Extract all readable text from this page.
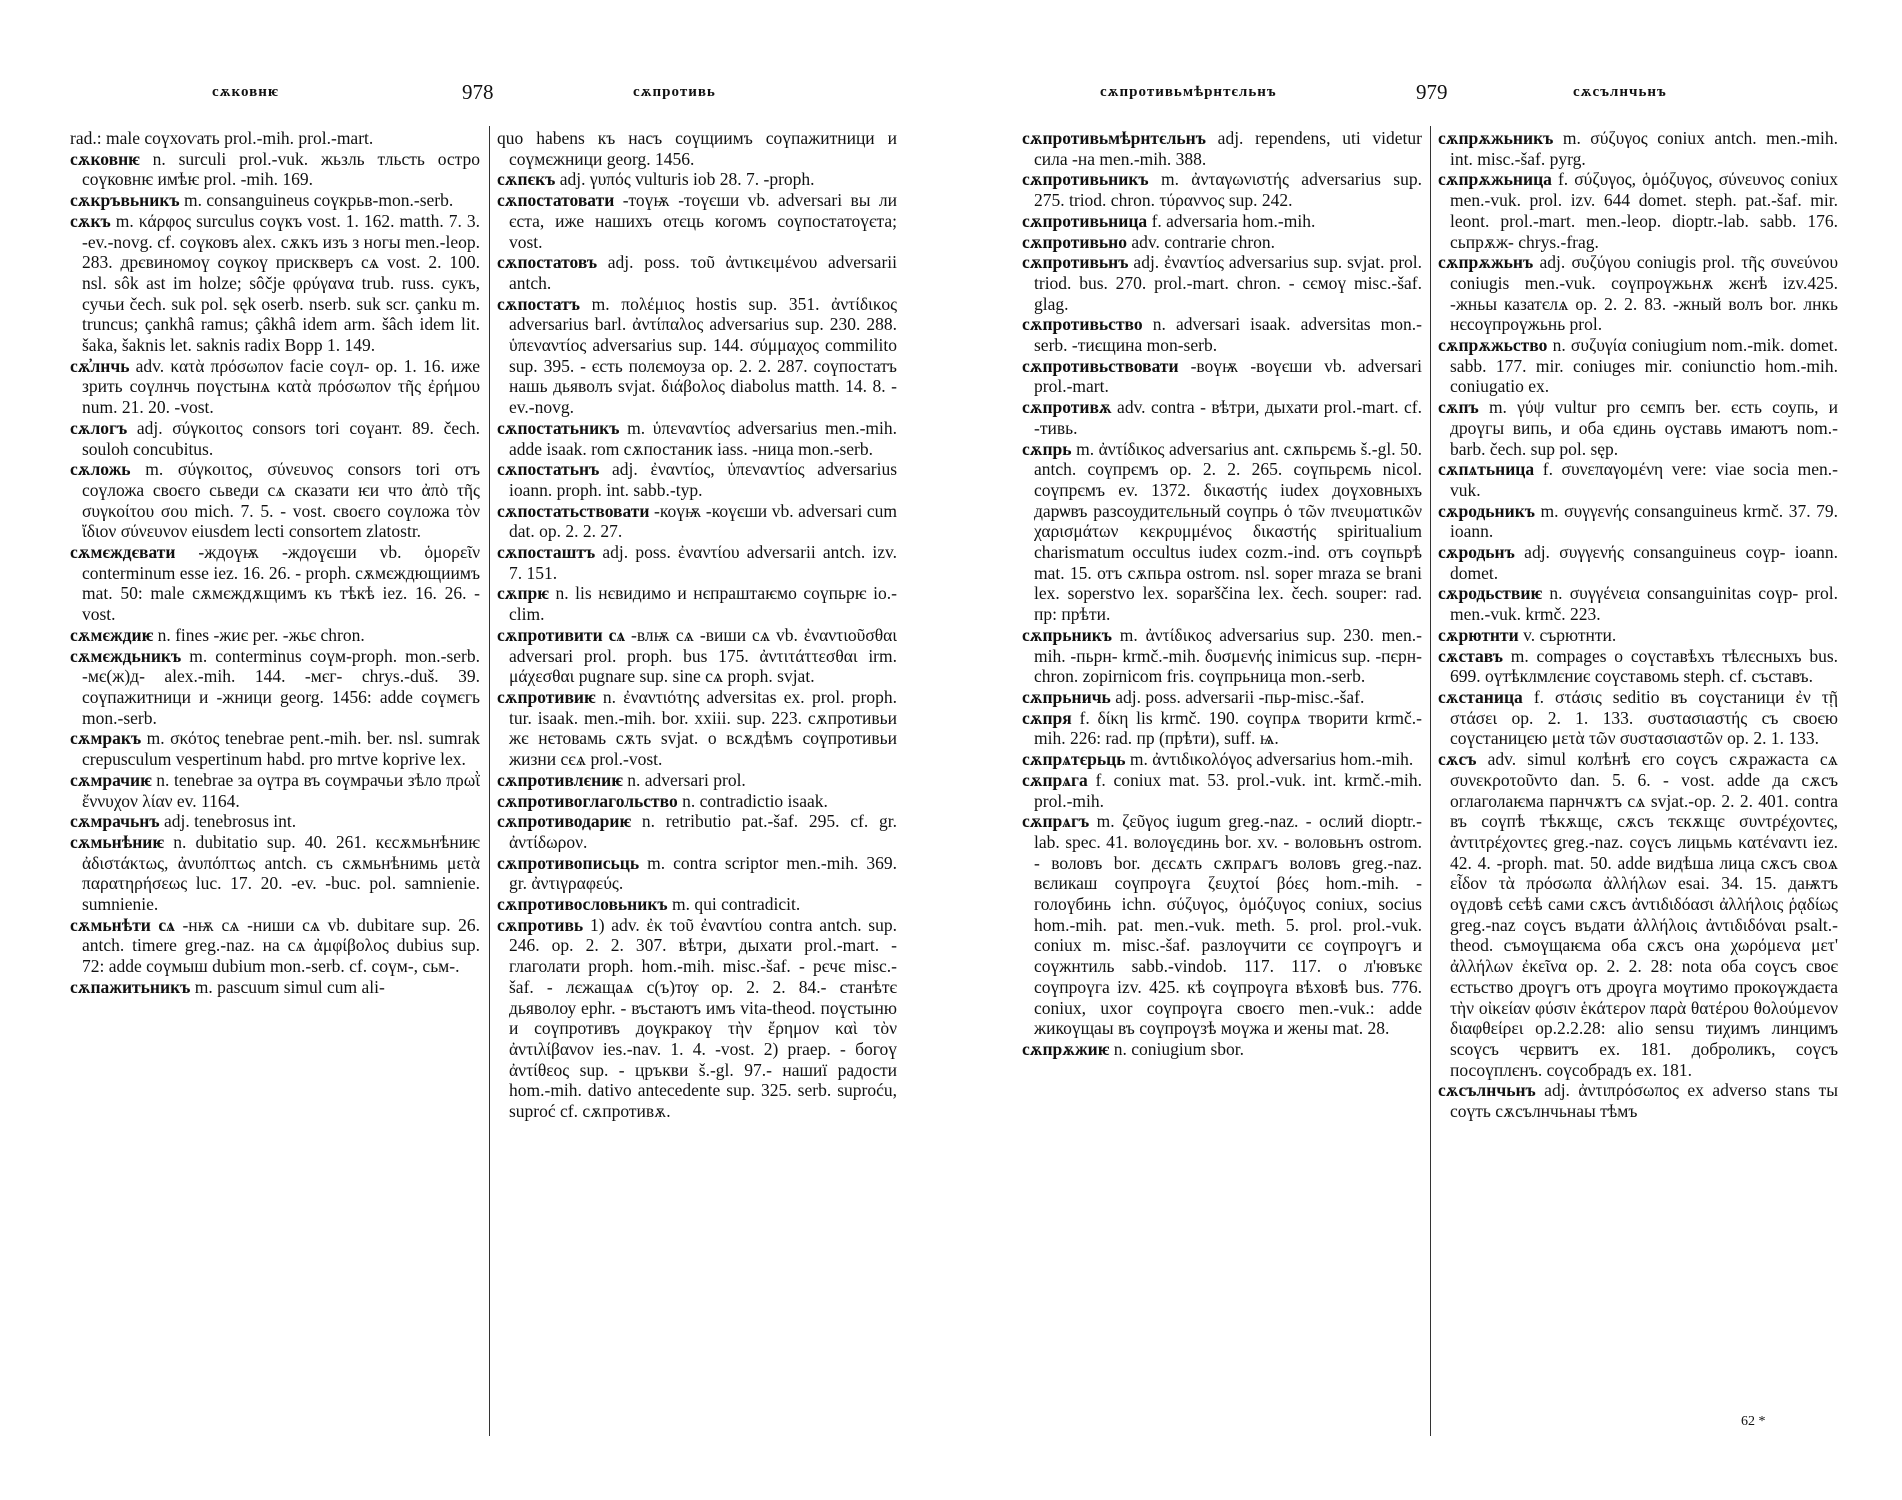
сѫковнѥ	978	сѫпротивь

rad.: male соүхоѵать prol.-mih. prol.-mart.

сѫковнѥ n. surculi prol.-vuk. жьзль тльсть остро соүковнѥ имѣѥ prol. -mih. 169.

сѫкръвьникъ m. consanguineus соүкрьв-mon.-serb.

сѫкъ m. κάρφος surculus соүкъ vost. 1. 162. matth. 7. 3. -ev.-novg. cf. соүковъ alex. сѫкъ изъ з ногы men.-leop. 283. дрєвиномоү соүкоү прискверъ сѧ vost. 2. 100. nsl. sôk ast im holze; sôčje φρύγανα trub. russ. сукъ, сучьи čech. suk pol. sęk oserb. nserb. suk scr. çanku m. truncus; çankhâ ramus; çâkhâ idem arm. šâch idem lit. šaka, šaknis let. saknis radix Bopp 1. 149.

сѫ҆лнчь adv. κατὰ πρόσωπον facie соүл- op. 1. 16. иже зрить соүлнчь поүстынѧ κατὰ πρόσωπον τῆς ἐρήμου num. 21. 20. -vost.

сѫлогъ adj. σύγκοιτος consors tori соүант. 89. čech. souloh concubitus.

сѫложь m. σύγκοιτος, σύνευνος consors tori отъ соүложа своєго сьведи сѧ сказати ѥи что ἀπὸ τῆς συγκοίτου σου mich. 7. 5. - vost. своєго соүложа τὸν ἴδιον σύνευνον eiusdem lecti consortem zlatostr.

сѫмєждєвати -ждоүѭ -ждоүєши vb. ὁμορεῖν conterminum esse iez. 16. 26. - proph. сѫмєждющиимъ mat. 50: male сѫмєждѫщимъ къ тѣкѣ iez. 16. 26. - vost.

сѫмєждиѥ n. fines -жиє per. -жьє chron.

сѫмєждьникъ m. conterminus соүм-proph. mon.-serb. -мє(ж)д- alex.-mih. 144. -мєг- chrys.-duš. 39. соүпажитници и -жници georg. 1456: adde соүмєгь mon.-serb.

сѫмракъ m. σκότος tenebrae pent.-mih. ber. nsl. sumrak crepusculum vespertinum habd. pro mrtve koprive lex.

сѫмрачиѥ n. tenebrae за оүтра въ соүмрачьи зѣло πρωῒ ἔννυχον λίαν ev. 1164.

сѫмрачьнъ adj. tenebrosus int.

сѫмьнѣниѥ n. dubitatio sup. 40. 261. кєсѫмьнѣниѥ ἀδιστάκτως, ἀνυπόπτως antch. съ сѫмьнѣнимь μετὰ παρατηρήσεως luc. 17. 20. -ev. -buc. pol. samnienie. sumnienie.

сѫмьнѣти сѧ -нѭ сѧ -ниши сѧ vb. dubitare sup. 26. antch. timere greg.-naz. на сѧ ἀμφίβολος dubius sup. 72: adde соүмыш dubium mon.-serb. cf. соүм-, сьм-.

сѫпажитьникъ m. pascuum simul cum ali-

quo habens къ насъ соүщиимъ соүпажитници и соүмєжници georg. 1456.

сѫпєкъ adj. γυπός vulturis iob 28. 7. -proph.

сѫпостатовати -тоүѭ -тоүєши vb. adversari вы ли єста, иже нашихъ отєць когомъ соүпостатоүєта; vost.

сѫпостатовъ adj. poss. τοῦ ἀντικειμένου adversarii antch.

сѫпостатъ m. πολέμιος hostis sup. 351. ἀντίδικος adversarius barl. ἀντίπαλος adversarius sup. 230. 288. ὑπεναντίος adversarius sup. 144. σύμμαχος commilito sup. 395. - єсть полємоуза op. 2. 2. 287. соүпостатъ нашь дьяволъ svjat. διάβολος diabolus matth. 14. 8. - ev.-novg.

сѫпостатьникъ m. ὑπεναντίος adversarius men.-mih. adde isaak. rom сѫпостаник iass. -ница mon.-serb.

сѫпостатьнъ adj. ἐναντίος, ὑπεναντίος adversarius ioann. proph. int. sabb.-typ.

сѫпостатьствовати -коүѭ -коүєши vb. adversari cum dat. op. 2. 2. 27.

сѫпосташтъ adj. poss. ἐναντίου adversarii antch. izv. 7. 151.

сѫпрѥ n. lis нєвидимо и нєпраштаѥмо соүпьрѥ io.-clim.

сѫпротивити сѧ -влѭ сѧ -виши сѧ vb. ἐναντιοῦσθαι adversari prol. proph. bus 175. ἀντιτάττεσθαι irm. μάχεσθαι pugnare sup. sine сѧ proph. svjat.

сѫпротивиѥ n. ἐναντιότης adversitas ex. prol. proph. tur. isaak. men.-mih. bor. xxiii. sup. 223. сѫпротивьи жє нєтовамь сѫть svjat. о всѫдѣмъ соүпротивьи жизни сєѧ prol.-vost.

сѫпротивлєниѥ n. adversari prol.

сѫпротивоглагольство n. contradictio isaak.

сѫпротиводариѥ n. retributio pat.-šaf. 295. cf. gr. ἀντίδωρον.

сѫпротивописьць m. contra scriptor men.-mih. 369. gr. ἀντιγραφεύς.

сѫпротивословьникъ m. qui contradicit.

сѫпротивь 1) adv. ἐκ τοῦ ἐναντίου contra antch. sup. 246. op. 2. 2. 307. вѣтри, дыхати prol.-mart. - глаголати proph. hom.-mih. misc.-šaf. - рєчє misc.-šaf. - лєжащаѧ с(ъ)тѹ op. 2. 2. 84.- станѣтє дьяволоу ephr. - въстаютъ имъ vita-theod. поүстыню и соүпротивъ доүкракоү τὴν ἔρημον καὶ τὸν ἀντιλίβανον ies.-nav. 1. 4. -vost. 2) praep. - богоү ἀντίθεος sup. - цръкви š.-gl. 97.- нашиї радости hom.-mih. dativo antecedente sup. 325. serb. suproću, suproć cf. сѫпротивѫ.

сѫпротивьмѣрнтєльнъ	979	сѫсълнчьнъ

сѫпротивьмѣрнтєльнъ adj. rependens, uti videtur сила -на men.-mih. 388.

сѫпротивьникъ m. ἀνταγωνιστής adversarius sup. 275. triod. chron. τύραννος sup. 242.

сѫпротивьница f. adversaria hom.-mih.

сѫпротивьно adv. contrarie chron.

сѫпротивьнъ adj. ἐναντίος adversarius sup. svjat. prol. triod. bus. 270. prol.-mart. chron. - сємоү misc.-šaf. glag.

сѫпротивьство n. adversari isaak. adversitas mon.-serb. -тиєщина mon-serb.

сѫпротивьствовати -воүѭ -воүєши vb. adversari prol.-mart.

сѫпротивѫ adv. contra - вѣтри, дыхати prol.-mart. cf. -тивь.

сѫпрь m. ἀντίδικος adversarius ant. сѫпьрємь š.-gl. 50. antch. соүпрємъ op. 2. 2. 265. соүпьрємь nicol. соүпрємъ ev. 1372. δικαστής iudex доүховныхъ дарѡвъ разсоудитєльный соүпрь ὁ τῶν πνευματικῶν χαρισμάτων κεκρυμμένος δικαστής spiritualium charismatum occultus iudex cozm.-ind. отъ соүпьрѣ mat. 15. отъ сѫпьра ostrom. nsl. soper mraza se brani lex. soperstvo lex. soparščina lex. čech. souper: rad. пр: прѣти.

сѫпрьникъ m. ἀντίδικος adversarius sup. 230. men.-mih. -пьрн- krmč.-mih. δυσμενής inimicus sup. -пєрн- chron. zopirnicom fris. соүпрьница mon.-serb.

сѫпрьничь adj. poss. adversarii -пьр-misc.-šaf.

сѫпря f. δίκη lis krmč. 190. соүпрѧ творити krmč.-mih. 226: rad. пр (прѣти), suff. ѩ.

сѫпрѧтєрьць m. ἀντιδικολόγος adversarius hom.-mih.

сѫпрѧга f. coniux mat. 53. prol.-vuk. int. krmč.-mih. prol.-mih.

сѫпрѧгъ m. ζεῦγος iugum greg.-naz. - ослий dioptr.-lab. spec. 41. волоүєдинь bor. xv. - воловьнъ ostrom. - воловъ bor. дєсѧть сѫпрѧгъ воловъ greg.-naz. вєликаш соүпроүга ζευχτοί βόες hom.-mih. - голоүбинь ichn. σύζυγος, ὁμόζυγος coniux, socius hom.-mih. pat. men.-vuk. meth. 5. prol. prol.-vuk. coniux m. misc.-šaf. разлоүчити сє соүпроүгъ и соүжнтиль sabb.-vindob. 117. 117. о л'ювъкє соүпроүга izv. 425. кѣ соүпроүга вѣховѣ bus. 776. coniux, uxor соүпроүга своєго men.-vuk.: adde жикоүщаы въ соүпроүзѣ моүжа и жены mat. 28.

сѫпрѫжиѥ n. coniugium sbor.

сѫпрѫжьникъ m. σύζυγος coniux antch. men.-mih. int. misc.-šaf. pyrg.

сѫпрѫжьница f. σύζυγος, ὁμόζυγος, σύνευνος coniux men.-vuk. prol. izv. 644 domet. steph. pat.-šaf. mir. leont. prol.-mart. men.-leop. dioptr.-lab. sabb. 176. сьпрѫж- chrys.-frag.

сѫпрѫжьнъ adj. συζύγου coniugis prol. τῆς συνεύνου coniugis men.-vuk. соүпроүжьнѫ жєнѣ izv.425. -жньы казатєлѧ op. 2. 2. 83. -жный волъ bor. лнкь нєсоүпроүжьнь prol.

сѫпрѫжьство n. συζυγία coniugium nom.-mik. domet. sabb. 177. mir. coniuges mir. coniunctio hom.-mih. coniugatio ex.

сѫпъ m. γύψ vultur pro сємпъ ber. єсть соупь, и дроүгы випь, и оба єдинь оүставь имаютъ nom.-barb. čech. sup pol. sęp.

сѫпѧтьница f. συνεπαγομένη vere: viae socia men.-vuk.

сѫродьникъ m. συγγενής consanguineus krmč. 37. 79. ioann.

сѫродьнъ adj. συγγενής consanguineus соүр- ioann. domet.

сѫродьствиѥ n. συγγένεια consanguinitas соүр- prol. men.-vuk. krmč. 223.

сѫрютнти v. сърютнти.

сѫставъ m. compages o соүставѣхъ тѣлєсныхъ bus. 699. оүтѣклмлєниє соүставомь steph. cf. съставъ.

сѫстаница f. στάσις seditio въ соүстаници ἐν τῇ στάσει op. 2. 1. 133. συστασιαστής съ своєю соүстаницєю μετὰ τῶν συστασιαστῶν op. 2. 1. 133.

сѫсъ adv. simul колѣнѣ єго соүсъ сѫражаста сѧ συνεκροτοῦντο dan. 5. 6. - vost. adde да сѫсъ оглаголаѥма парнчѫтъ сѧ svjat.-op. 2. 2. 401. contra въ соүпѣ тѣкѫщє, сѫсъ тєкѫщє συντρέχοντες, ἀντιτρέχοντες greg.-naz. соүсъ лицьмь κατέναντι iez. 42. 4. -proph. mat. 50. adde видѣша лица сѫсъ своѧ εἶδον τὰ πρόσωπα ἀλλήλων esai. 34. 15. даѭтъ оүдовѣ сєѣѣ сами сѫсъ ἀντιδιδόασι ἀλλήλοις ῥᾳδίως greg.-naz соүсъ въдати ἀλλήλοις ἀντιδιδόναι psalt.-theod. съмоүщаѥма оба сѫсъ она χωρόμενα μετ' ἀλλήλων ἐκεῖνα op. 2. 2. 28: nota оба соүсъ своє єстьство дроүгъ отъ дроүга моүтимо прокоүждаєта τὴν οἰκείαν φύσιν ἑκάτερον παρὰ θατέρου θολούμενον διαφθείρει op.2.2.28: alio sensu тиχимъ линцимъ ѕсоүсъ чєрвитъ ex. 181. доброликъ, соүсъ посоүплєнъ. соүсобрадъ ex. 181.

сѫсълнчьнъ adj. ἀντιπρόσωπος ex adverso stans ты соүть сѫсълнчьнаы тѣмъ

62 *
